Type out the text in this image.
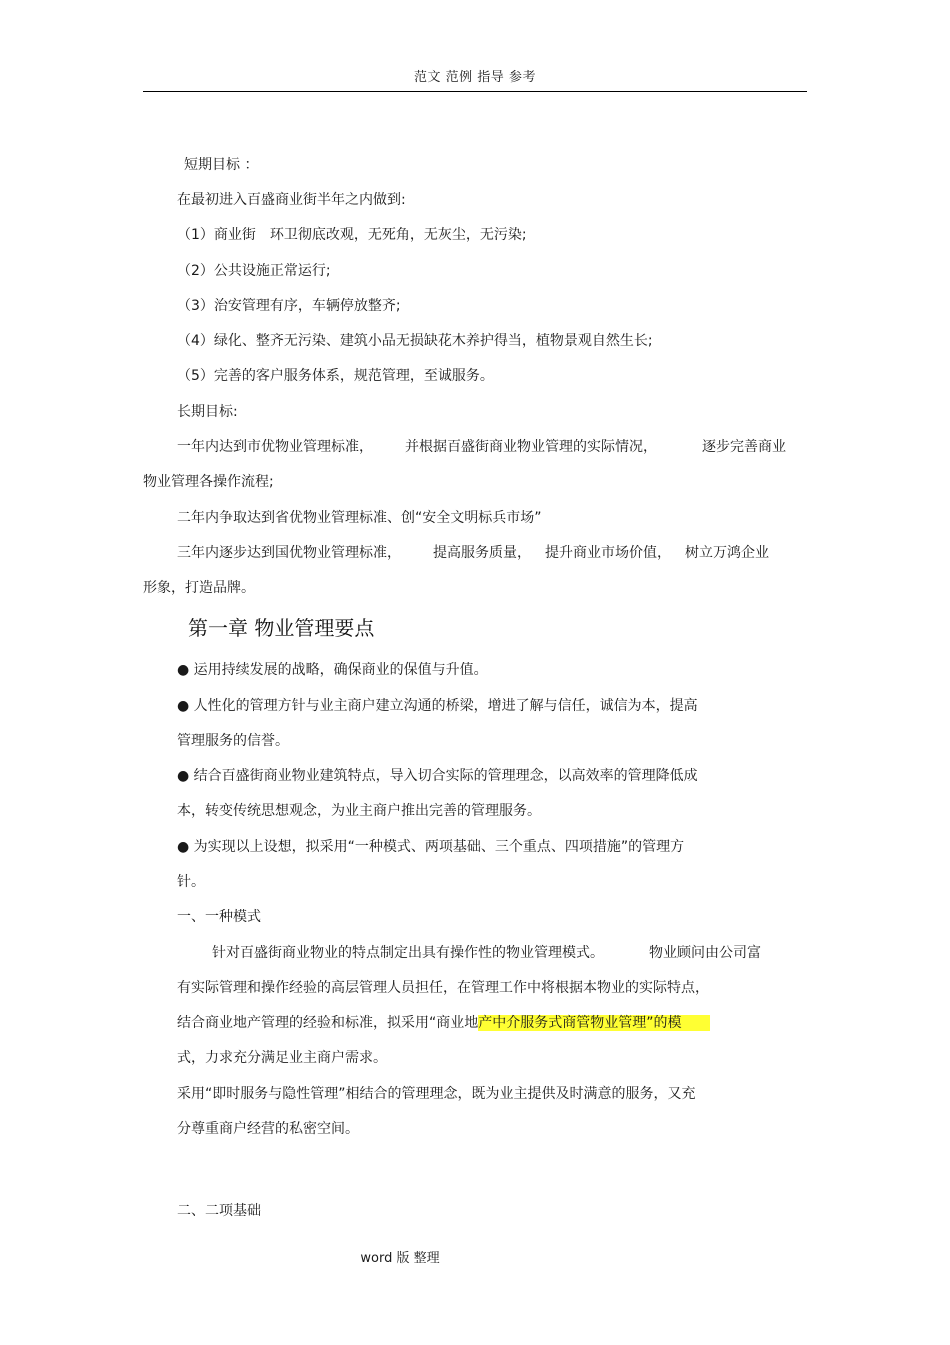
范文 范例 指导 参考
短期目标 ：
在最初进入百盛商业街半年之内做到:
（1）商业街 环卫彻底改观，无死角，无灰尘，无污染;
（2）公共设施正常运行;
（3）治安管理有序，车辆停放整齐;
（4）绿化、整齐无污染、建筑小品无损缺花木养护得当，植物景观自然生长;
（5）完善的客户服务体系，规范管理，至诚服务。
长期目标:
一年内达到市优物业管理标准， 并根据百盛街商业物业管理的实际情况，	逐步完善商业
物业管理各操作流程;
二年内争取达到省优物业管理标准、创“安全文明标兵市场”
三年内逐步达到国优物业管理标准， 提高服务质量， 提升商业市场价值， 树立万鸿企业
形象，打造品牌。
第一章 物业管理要点
● 运用持续发展的战略，确保商业的保值与升值。
● 人性化的管理方针与业主商户建立沟通的桥梁，增进了解与信任，诚信为本，提高
管理服务的信誉。
● 结合百盛街商业物业建筑特点，导入切合实际的管理理念，以高效率的管理降低成
本，转变传统思想观念，为业主商户推出完善的管理服务。
● 为实现以上设想，拟采用“一种模式、两项基础、三个重点、四项措施”的管理方
针。
一、一种模式
针对百盛街商业物业的特点制定出具有操作性的物业管理模式。	物业顾问由公司富
有实际管理和操作经验的高层管理人员担任，在管理工作中将根据本物业的实际特点，
结合商业地产管理的经验和标准，拟采用“商业地产中介服务式商管物业管理”的模
式，力求充分满足业主商户需求。
采用“即时服务与隐性管理”相结合的管理理念，既为业主提供及时满意的服务，又充
分尊重商户经营的私密空间。
二、二项基础
word 版 整理
